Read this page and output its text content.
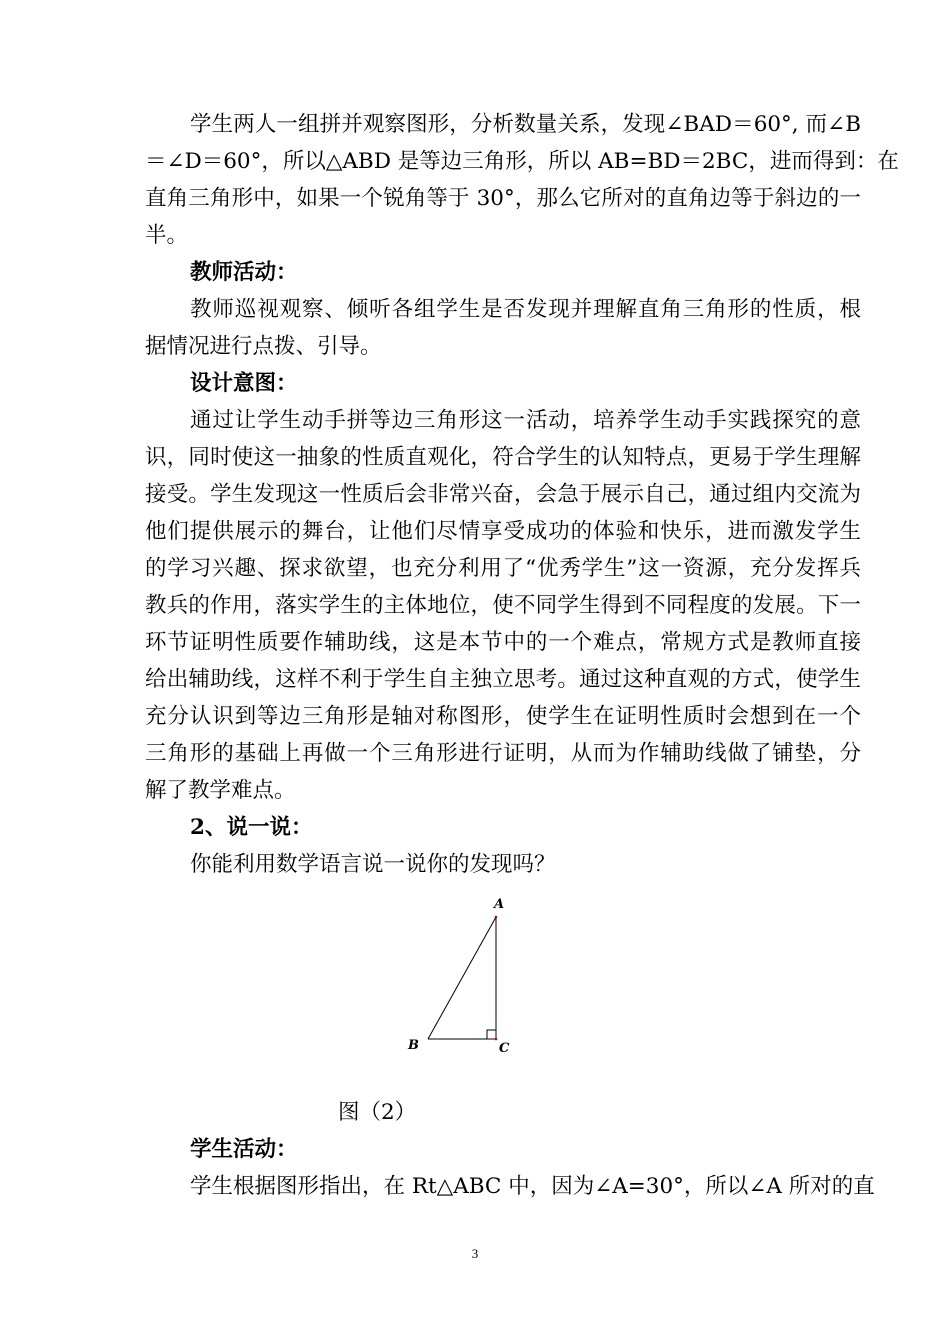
学生两人一组拼并观察图形，分析数量关系，发现∠BAD＝60°, 而∠B
＝∠D＝60°，所以△ABD 是等边三角形，所以 AB=BD＝2BC，进而得到：在
直角三角形中，如果一个锐角等于 30°，那么它所对的直角边等于斜边的一
半。
教师活动：
教师巡视观察、倾听各组学生是否发现并理解直角三角形的性质，根
据情况进行点拨、引导。
设计意图：
通过让学生动手拼等边三角形这一活动，培养学生动手实践探究的意
识，同时使这一抽象的性质直观化，符合学生的认知特点，更易于学生理解
接受。学生发现这一性质后会非常兴奋，会急于展示自己，通过组内交流为
他们提供展示的舞台，让他们尽情享受成功的体验和快乐，进而激发学生
的学习兴趣、探求欲望，也充分利用了“优秀学生”这一资源，充分发挥兵
教兵的作用，落实学生的主体地位，使不同学生得到不同程度的发展。下一
环节证明性质要作辅助线，这是本节中的一个难点，常规方式是教师直接
给出辅助线，这样不利于学生自主独立思考。通过这种直观的方式，使学生
充分认识到等边三角形是轴对称图形，使学生在证明性质时会想到在一个
三角形的基础上再做一个三角形进行证明，从而为作辅助线做了铺垫，分
解了教学难点。
2、说一说：
你能利用数学语言说一说你的发现吗？
A
B	C
图（2）
学生活动：
学生根据图形指出，在 Rt△ABC 中，因为∠A=30°，所以∠A 所对的直
3
